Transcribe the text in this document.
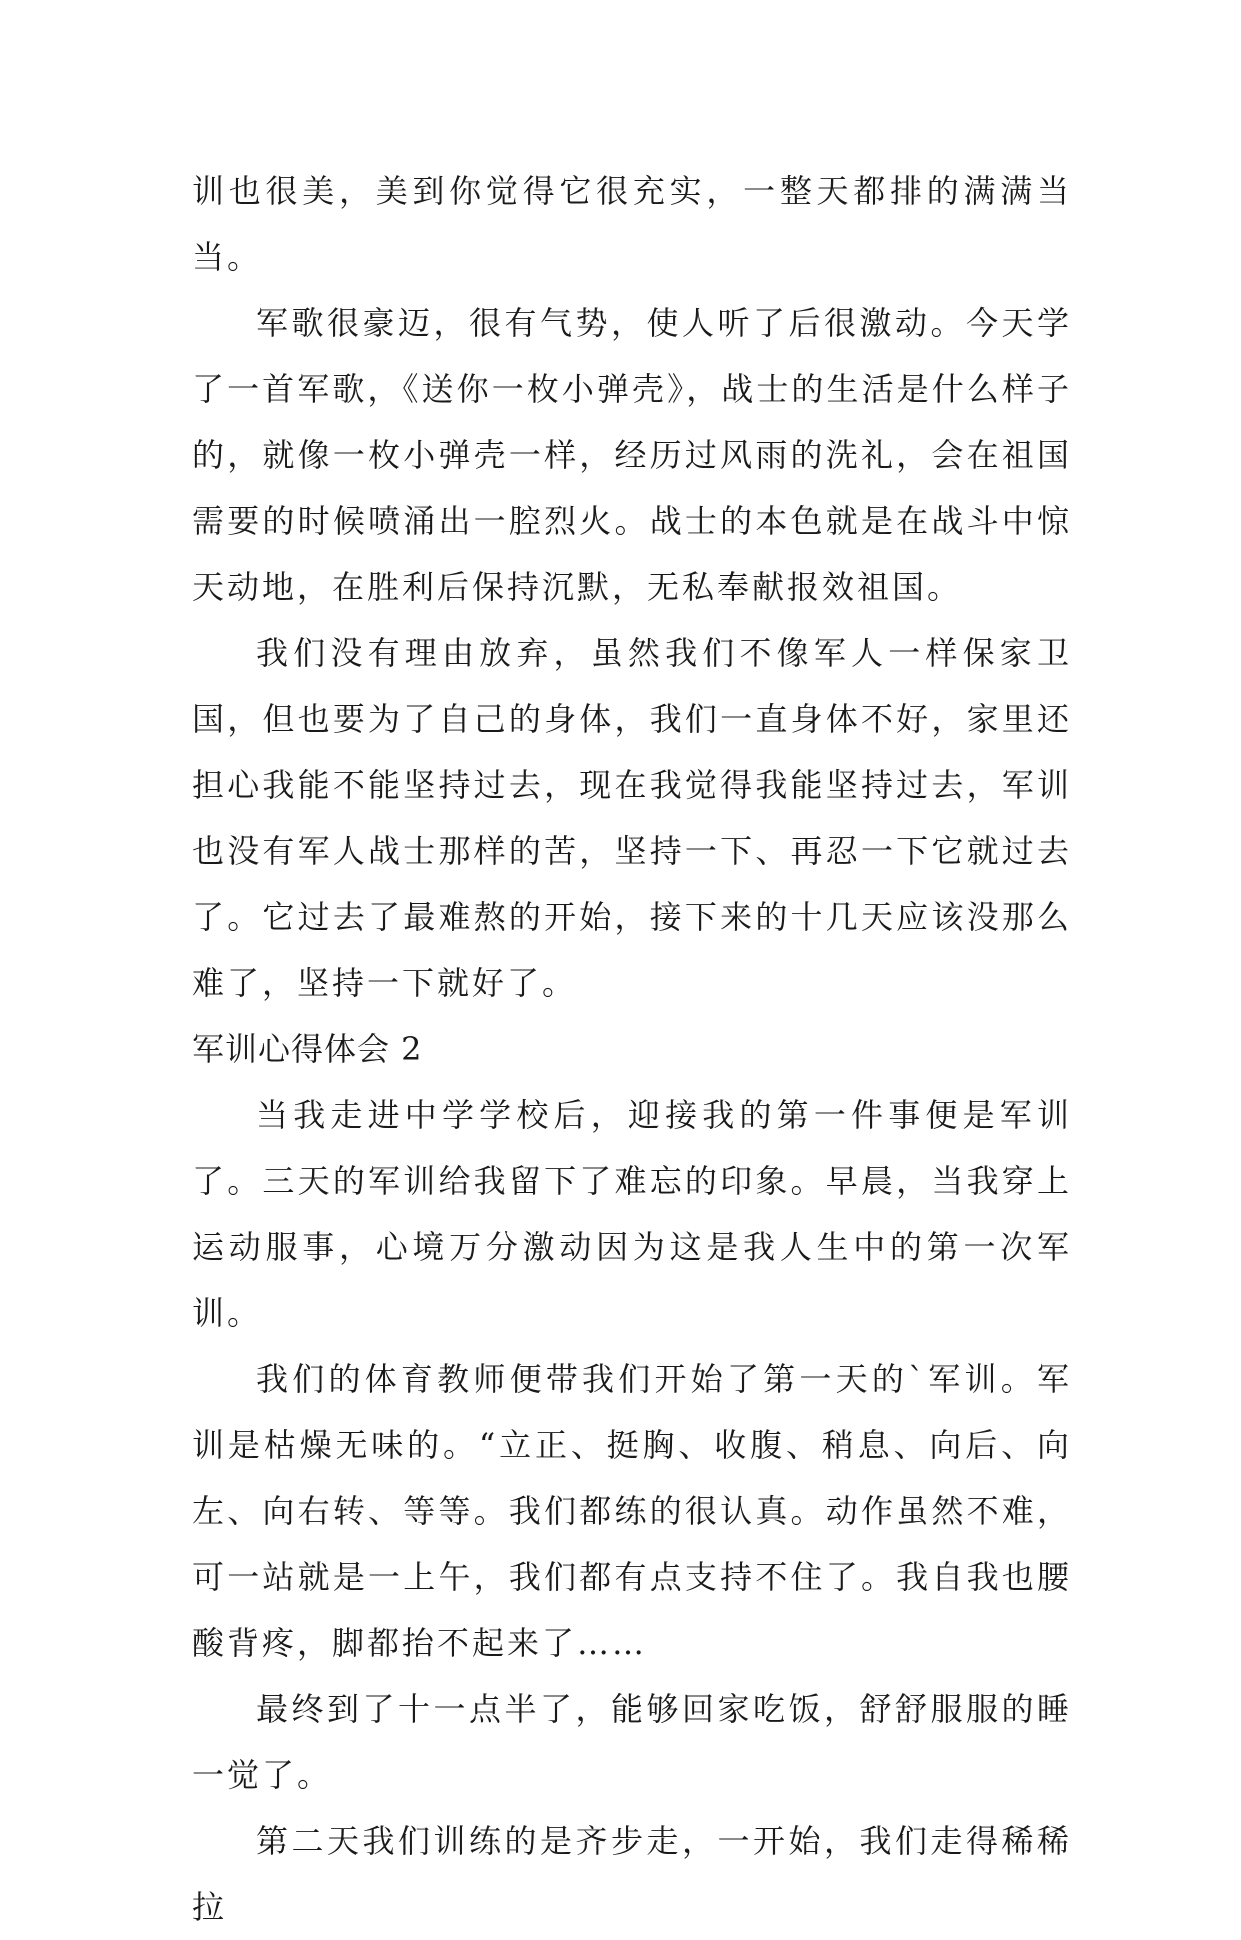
训也很美，美到你觉得它很充实，一整天都排的满满当当。

军歌很豪迈，很有气势，使人听了后很激动。今天学了一首军歌，《送你一枚小弹壳》，战士的生活是什么样子的，就像一枚小弹壳一样，经历过风雨的洗礼，会在祖国需要的时候喷涌出一腔烈火。战士的本色就是在战斗中惊天动地，在胜利后保持沉默，无私奉献报效祖国。

我们没有理由放弃，虽然我们不像军人一样保家卫国，但也要为了自己的身体，我们一直身体不好，家里还担心我能不能坚持过去，现在我觉得我能坚持过去，军训也没有军人战士那样的苦，坚持一下、再忍一下它就过去了。它过去了最难熬的开始，接下来的十几天应该没那么难了，坚持一下就好了。

军训心得体会 2

当我走进中学学校后，迎接我的第一件事便是军训了。三天的军训给我留下了难忘的印象。早晨，当我穿上运动服事，心境万分激动因为这是我人生中的第一次军训。

我们的体育教师便带我们开始了第一天的`军训。军训是枯燥无味的。“立正、挺胸、收腹、稍息、向后、向左、向右转、等等。我们都练的很认真。动作虽然不难，可一站就是一上午，我们都有点支持不住了。我自我也腰酸背疼，脚都抬不起来了……

最终到了十一点半了，能够回家吃饭，舒舒服服的睡一觉了。

第二天我们训练的是齐步走，一开始，我们走得稀稀拉
